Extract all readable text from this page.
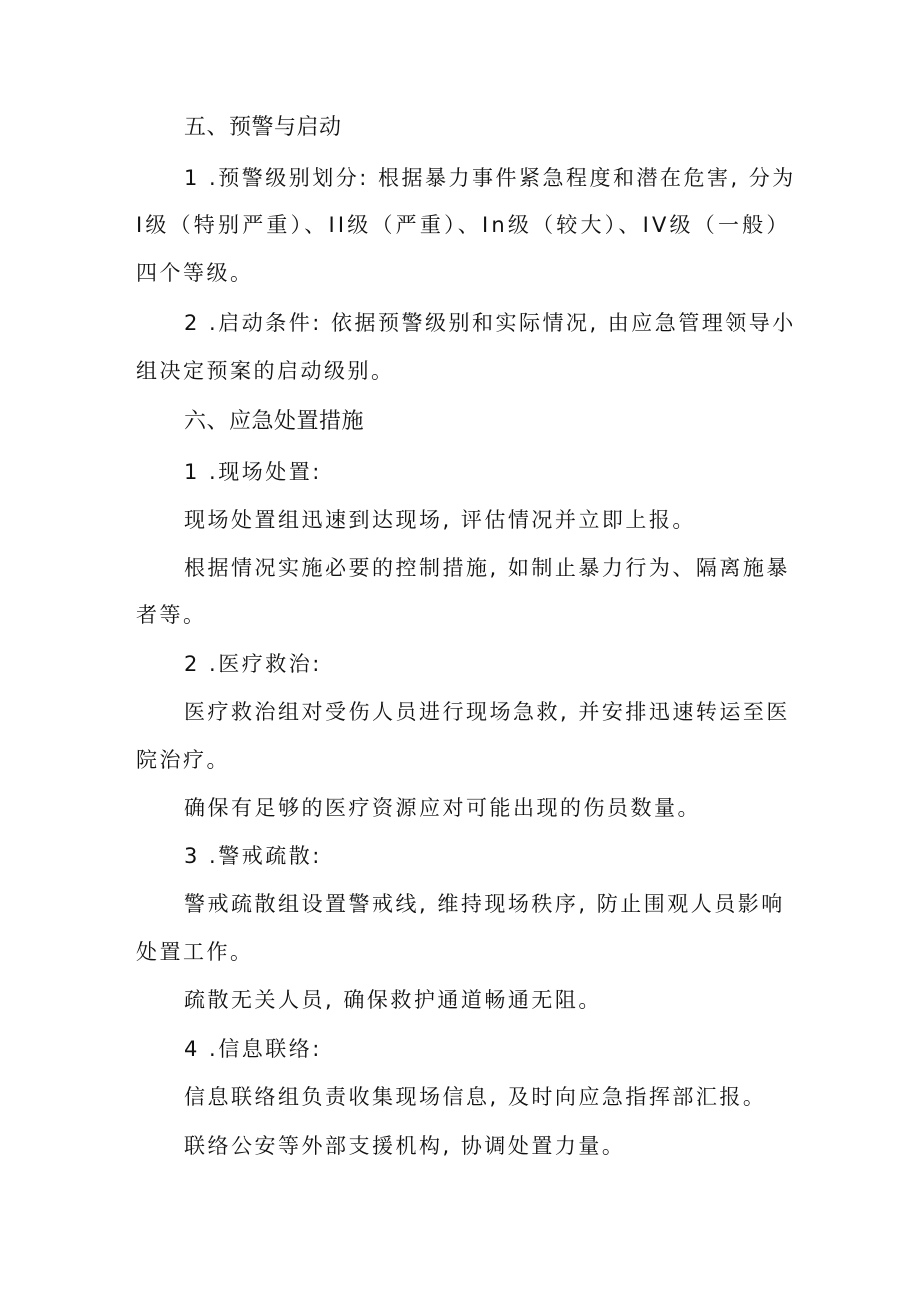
五、预警与启动

1 .预警级别划分: 根据暴力事件紧急程度和潜在危害, 分为

I级（特别严重）、II级（严重）、In级（较大）、IV级（一般）

四个等级。

2 .启动条件: 依据预警级别和实际情况, 由应急管理领导小

组决定预案的启动级别。

六、应急处置措施

1 .现场处置:

现场处置组迅速到达现场, 评估情况并立即上报。

根据情况实施必要的控制措施, 如制止暴力行为、隔离施暴

者等。

2 .医疗救治:

医疗救治组对受伤人员进行现场急救, 并安排迅速转运至医

院治疗。

确保有足够的医疗资源应对可能出现的伤员数量。

3 .警戒疏散:

警戒疏散组设置警戒线, 维持现场秩序, 防止围观人员影响

处置工作。

疏散无关人员, 确保救护通道畅通无阻。

4 .信息联络:

信息联络组负责收集现场信息, 及时向应急指挥部汇报。

联络公安等外部支援机构, 协调处置力量。
